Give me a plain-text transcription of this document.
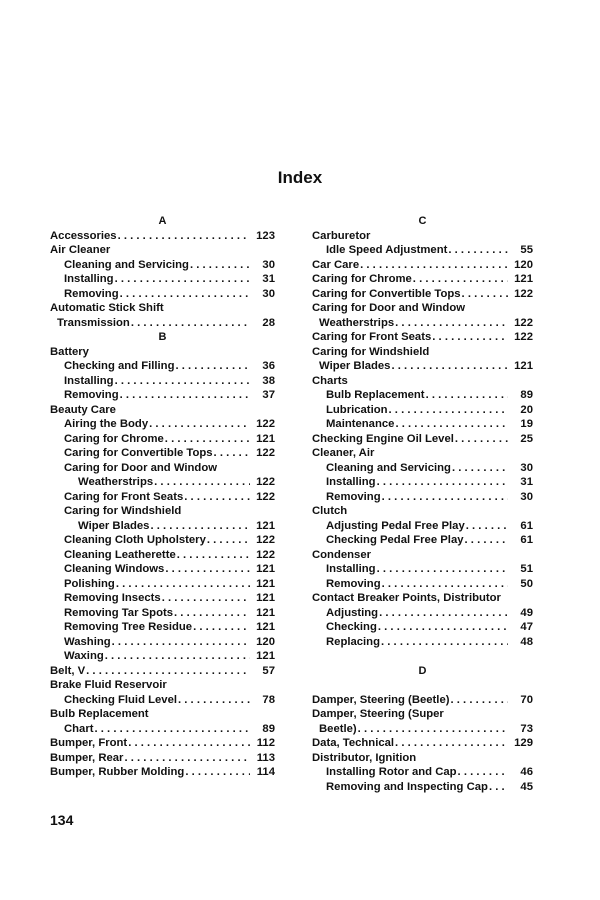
Index
A
Accessories . . .	123
Air Cleaner
Cleaning and Servicing . . .	30
Installing . . .	31
Removing . . .	30
Automatic Stick Shift
Transmission . . .	28
B
Battery
Checking and Filling . . .	36
Installing . . .	38
Removing . . .	37
Beauty Care
Airing the Body . . .	122
Caring for Chrome . . .	121
Caring for Convertible Tops . . .	122
Caring for Door and Window
Weatherstrips . . .	122
Caring for Front Seats . . .	122
Caring for Windshield
Wiper Blades . . .	121
Cleaning Cloth Upholstery . . .	122
Cleaning Leatherette . . .	122
Cleaning Windows . . .	121
Polishing . . .	121
Removing Insects . . .	121
Removing Tar Spots . . .	121
Removing Tree Residue . . .	121
Washing . . .	120
Waxing . . .	121
Belt, V . . .	57
Brake Fluid Reservoir
Checking Fluid Level . . .	78
Bulb Replacement
Chart . . .	89
Bumper, Front . . .	112
Bumper, Rear . . .	113
Bumper, Rubber Molding . . .	114
C
Carburetor
Idle Speed Adjustment . . .	55
Car Care . . .	120
Caring for Chrome . . .	121
Caring for Convertible Tops . . .	122
Caring for Door and Window
Weatherstrips . . .	122
Caring for Front Seats . . .	122
Caring for Windshield
Wiper Blades . . .	121
Charts
Bulb Replacement . . .	89
Lubrication . . .	20
Maintenance . . .	19
Checking Engine Oil Level . . .	25
Cleaner, Air
Cleaning and Servicing . . .	30
Installing . . .	31
Removing . . .	30
Clutch
Adjusting Pedal Free Play . . .	61
Checking Pedal Free Play . . .	61
Condenser
Installing . . .	51
Removing . . .	50
Contact Breaker Points, Distributor
Adjusting . . .	49
Checking . . .	47
Replacing . . .	48
D
Damper, Steering (Beetle) . . .	70
Damper, Steering (Super
Beetle) . . .	73
Data, Technical . . .	129
Distributor, Ignition
Installing Rotor and Cap . . .	46
Removing and Inspecting Cap . . .	45
134
